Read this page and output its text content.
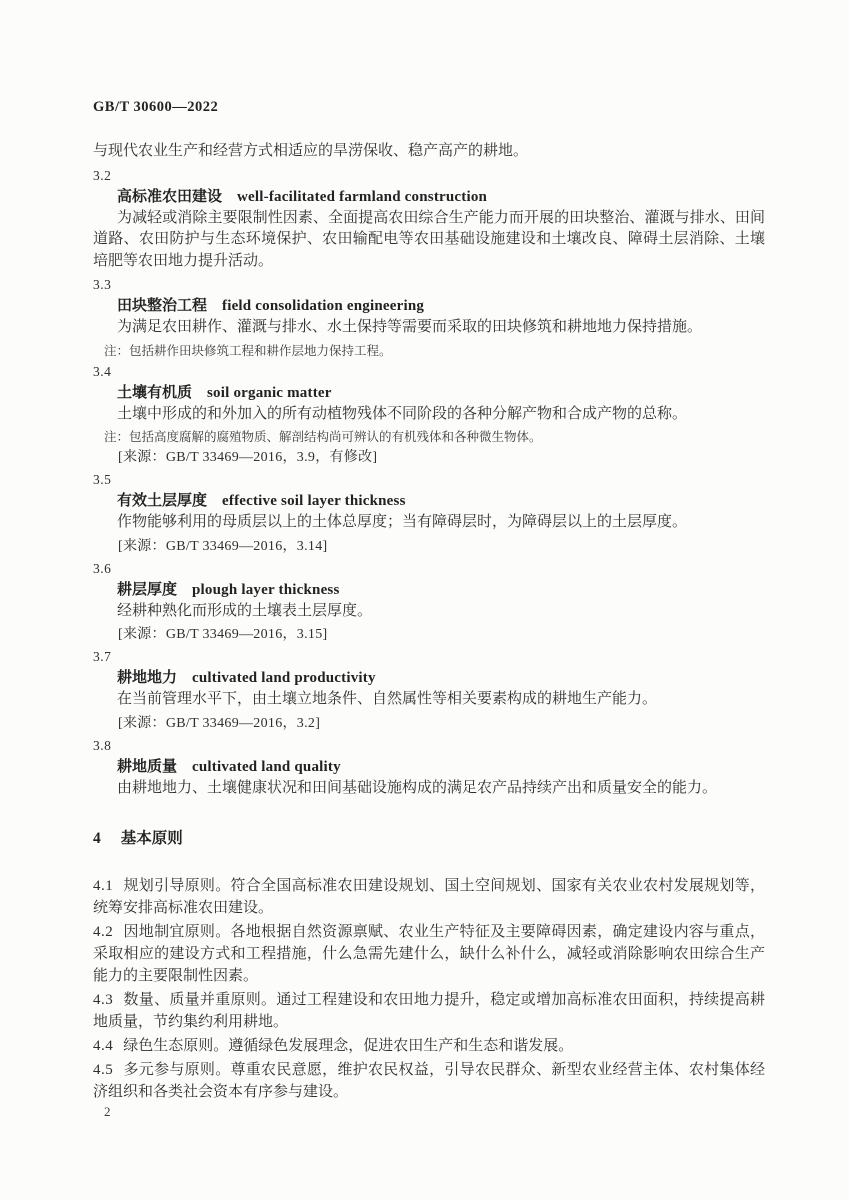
GB/T 30600—2022

与现代农业生产和经营方式相适应的旱涝保收、稳产高产的耕地。

3.2

高标准农田建设 well-facilitated farmland construction

为减轻或消除主要限制性因素、全面提高农田综合生产能力而开展的田块整治、灌溉与排水、田间道路、农田防护与生态环境保护、农田输配电等农田基础设施建设和土壤改良、障碍土层消除、土壤培肥等农田地力提升活动。

3.3

田块整治工程 field consolidation engineering

为满足农田耕作、灌溉与排水、水土保持等需要而采取的田块修筑和耕地地力保持措施。

注：包括耕作田块修筑工程和耕作层地力保持工程。

3.4

土壤有机质 soil organic matter

土壤中形成的和外加入的所有动植物残体不同阶段的各种分解产物和合成产物的总称。

注：包括高度腐解的腐殖物质、解剖结构尚可辨认的有机残体和各种微生物体。

[来源：GB/T 33469—2016，3.9，有修改]

3.5

有效土层厚度 effective soil layer thickness

作物能够利用的母质层以上的土体总厚度；当有障碍层时，为障碍层以上的土层厚度。

[来源：GB/T 33469—2016，3.14]

3.6

耕层厚度 plough layer thickness

经耕种熟化而形成的土壤表土层厚度。

[来源：GB/T 33469—2016，3.15]

3.7

耕地地力 cultivated land productivity

在当前管理水平下，由土壤立地条件、自然属性等相关要素构成的耕地生产能力。

[来源：GB/T 33469—2016，3.2]

3.8

耕地质量 cultivated land quality

由耕地地力、土壤健康状况和田间基础设施构成的满足农产品持续产出和质量安全的能力。

4 基本原则

4.1 规划引导原则。符合全国高标准农田建设规划、国土空间规划、国家有关农业农村发展规划等，统筹安排高标准农田建设。

4.2 因地制宜原则。各地根据自然资源禀赋、农业生产特征及主要障碍因素，确定建设内容与重点，采取相应的建设方式和工程措施，什么急需先建什么，缺什么补什么，减轻或消除影响农田综合生产能力的主要限制性因素。

4.3 数量、质量并重原则。通过工程建设和农田地力提升，稳定或增加高标准农田面积，持续提高耕地质量，节约集约利用耕地。

4.4 绿色生态原则。遵循绿色发展理念，促进农田生产和生态和谐发展。

4.5 多元参与原则。尊重农民意愿，维护农民权益，引导农民群众、新型农业经营主体、农村集体经济组织和各类社会资本有序参与建设。

2
